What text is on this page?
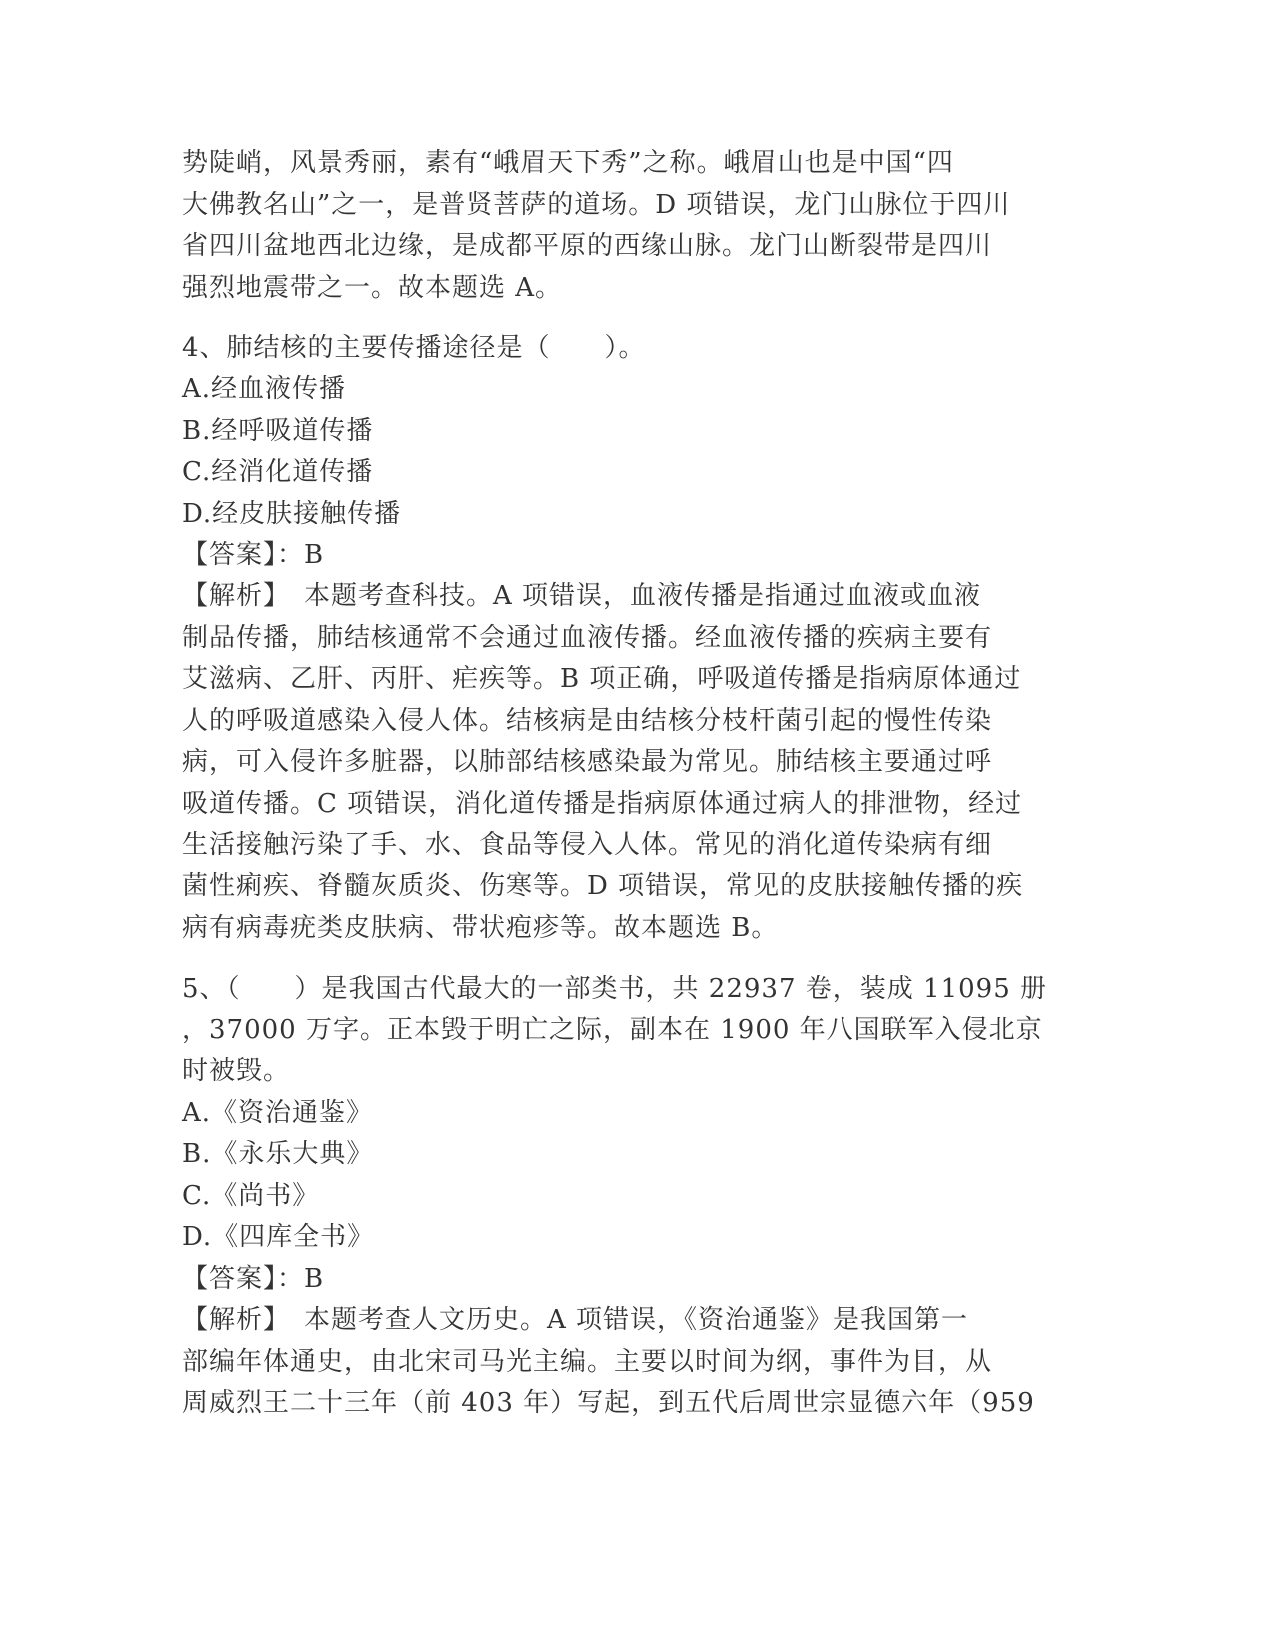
势陡峭，风景秀丽，素有“峨眉天下秀”之称。峨眉山也是中国“四
大佛教名山”之一，是普贤菩萨的道场。D 项错误，龙门山脉位于四川
省四川盆地西北边缘，是成都平原的西缘山脉。龙门山断裂带是四川
强烈地震带之一。故本题选 A。
4、肺结核的主要传播途径是（　　）。
A.经血液传播
B.经呼吸道传播
C.经消化道传播
D.经皮肤接触传播
【答案】：B
【解析】　本题考查科技。A 项错误，血液传播是指通过血液或血液
制品传播，肺结核通常不会通过血液传播。经血液传播的疾病主要有
艾滋病、乙肝、丙肝、疟疾等。B 项正确，呼吸道传播是指病原体通过
人的呼吸道感染入侵人体。结核病是由结核分枝杆菌引起的慢性传染
病，可入侵许多脏器，以肺部结核感染最为常见。肺结核主要通过呼
吸道传播。C 项错误，消化道传播是指病原体通过病人的排泄物，经过
生活接触污染了手、水、食品等侵入人体。常见的消化道传染病有细
菌性痢疾、脊髓灰质炎、伤寒等。D 项错误，常见的皮肤接触传播的疾
病有病毒疣类皮肤病、带状疱疹等。故本题选 B。
5、（　　）是我国古代最大的一部类书，共 22937 卷，装成 11095 册
，37000 万字。正本毁于明亡之际，副本在 1900 年八国联军入侵北京
时被毁。
A.《资治通鉴》
B.《永乐大典》
C.《尚书》
D.《四库全书》
【答案】：B
【解析】　本题考查人文历史。A 项错误，《资治通鉴》是我国第一
部编年体通史，由北宋司马光主编。主要以时间为纲，事件为目，从
周威烈王二十三年（前 403 年）写起，到五代后周世宗显德六年（959
